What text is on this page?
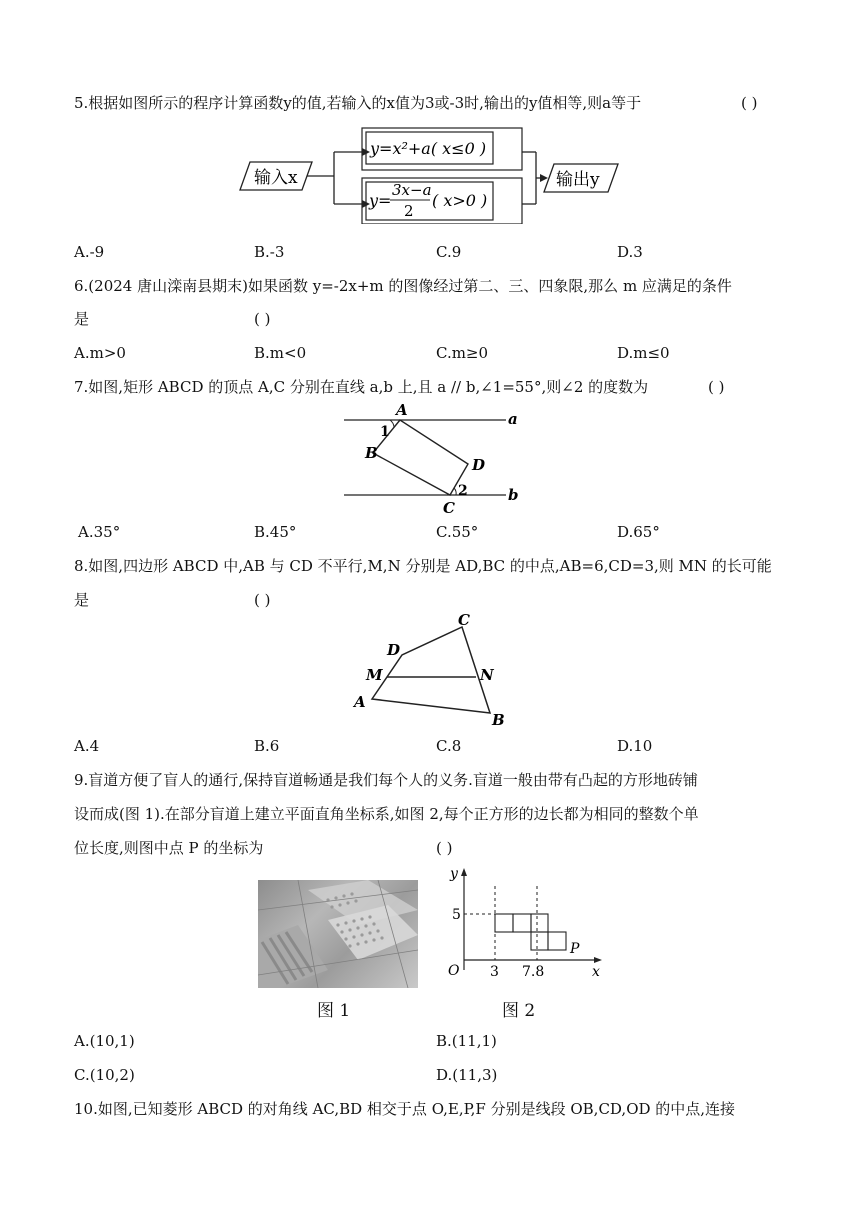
5.根据如图所示的程序计算函数y的值,若输入的x值为3或-3时,输出的y值相等,则a等于	( )
输入x
y=x²+a( x≤0 )
y=
3x−a
2
( x>0 )
输出y
A.-9	B.-3	C.9	D.3
6.(2024 唐山滦南县期末)如果函数 y=-2x+m 的图像经过第二、三、四象限,那么 m 应满足的条件
是	( )
A.m>0	B.m<0	C.m≥0	D.m≤0
7.如图,矩形 ABCD 的顶点 A,C 分别在直线 a,b 上,且 a // b,∠1=55°,则∠2 的度数为	( )
A
1
B
D
2
C
a
b
A.35°	B.45°	C.55°	D.65°
8.如图,四边形 ABCD 中,AB 与 CD 不平行,M,N 分别是 AD,BC 的中点,AB=6,CD=3,则 MN 的长可能
是	( )
A
B
C
D
M	N
A.4	B.6	C.8	D.10
9.盲道方便了盲人的通行,保持盲道畅通是我们每个人的义务.盲道一般由带有凸起的方形地砖铺
设而成(图 1).在部分盲道上建立平面直角坐标系,如图 2,每个正方形的边长都为相同的整数个单
位长度,则图中点 P 的坐标为	( )
图 1
y
x
O
5
3 7.8
P
图 2
A.(10,1)	B.(11,1)
C.(10,2)	D.(11,3)
10.如图,已知菱形 ABCD 的对角线 AC,BD 相交于点 O,E,P,F 分别是线段 OB,CD,OD 的中点,连接
